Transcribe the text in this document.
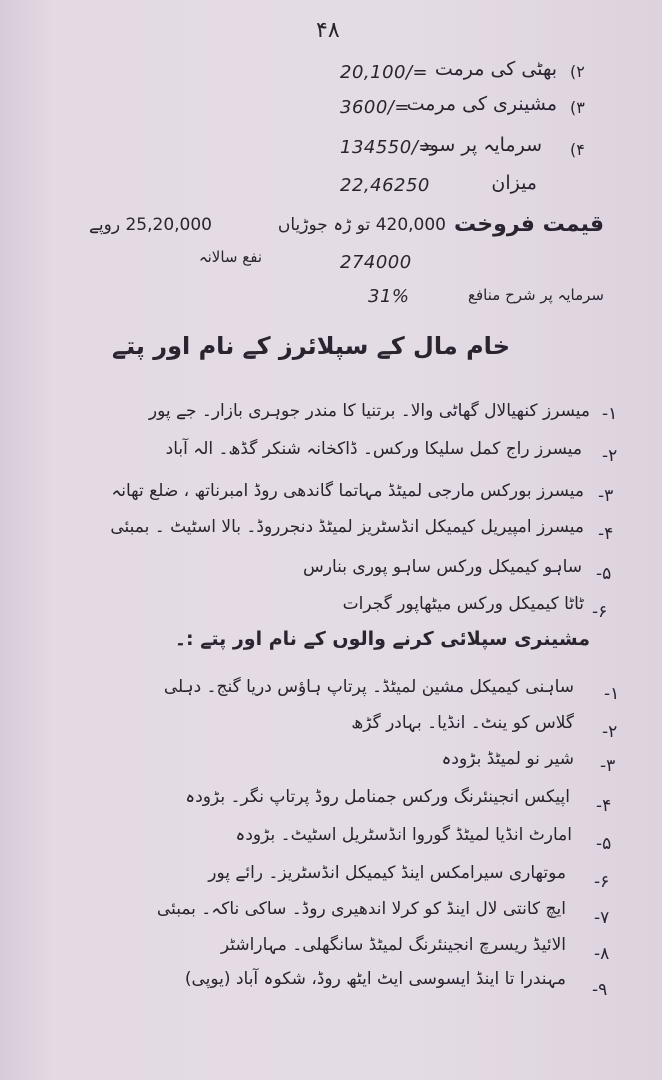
۴۸
(۲
بھٹی کی مرمت
20,100/=
(۳
مشینری کی مرمت
3600/=
(۴
سرمایہ پر سود
134550/=
میزان
22,46250
قیمت فروخت
420,000 تو ڑہ جوڑیاں
25,20,000 روپے
نفع سالانہ	274000
سرمایہ پر شرح منافع
31%
خام مال کے سپلائرز کے نام اور پتے
-۱
میسرز کنھیالال گھاٹی والا۔ برتنیا کا مندر جوہری بازار۔ جے پور
-۲
میسرز راج کمل سلیکا ورکس۔ ڈاکخانہ شنکر گڈھ۔ الہ آباد
-۳
میسرز بورکس مارجی لمیٹڈ مہاتما گاندھی روڈ امبرناتھ ، ضلع تھانہ
-۴
میسرز امپیریل کیمیکل انڈسٹریز لمیٹڈ دنجرروڈ۔ بالا اسٹیٹ ۔ بمبئی
-۵
ساہو کیمیکل ورکس ساہو پوری بنارس
-۶
ٹاٹا کیمیکل ورکس میٹھاپور گجرات
مشینری سپلائی کرنے والوں کے نام اور پتے :۔
-۱
ساہنی کیمیکل مشین لمیٹڈ۔ پرتاپ ہاؤس دریا گنج۔ دہلی
-۲
گلاس کو ینٹ۔ انڈیا۔ بہادر گڑھ
-۳
شیر نو لمیٹڈ بڑودہ
-۴
اپیکس انجینئرنگ ورکس جمنامل روڈ پرتاپ نگر۔ بڑودہ
-۵
امارٹ انڈیا لمیٹڈ گوروا انڈسٹریل اسٹیٹ۔ بڑودہ
-۶
موتھاری سیرامکس اینڈ کیمیکل انڈسٹریز۔ رائے پور
-۷
ایچ کانتی لال اینڈ کو کرلا اندھیری روڈ۔ ساکی ناکہ۔ بمبئی
-۸
الائیڈ ریسرچ انجینئرنگ لمیٹڈ سانگھلی۔ مہاراشٹر
-۹
مہندرا تا اینڈ ایسوسی ایٹ ایٹھ روڈ، شکوہ آباد (یوپی)
